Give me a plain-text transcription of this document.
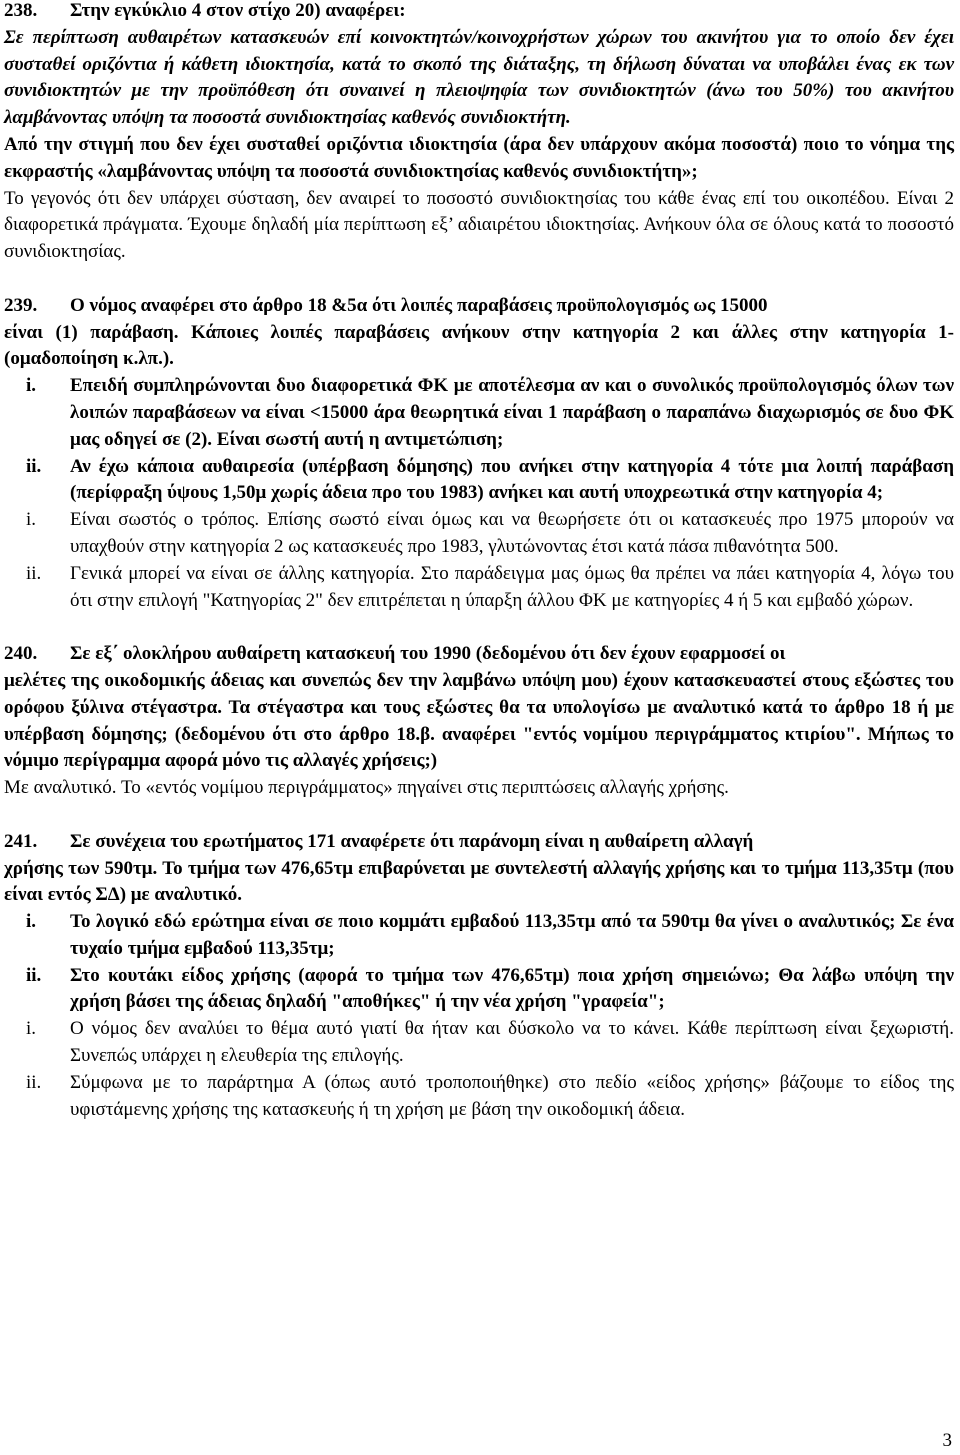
238. Στην εγκύκλιο 4 στον στίχο 20) αναφέρει:

Σε περίπτωση αυθαιρέτων κατασκευών επί κοινοκτητών/κοινοχρήστων χώρων του ακινήτου για το οποίο δεν έχει συσταθεί οριζόντια ή κάθετη ιδιοκτησία, κατά το σκοπό της διάταξης, τη δήλωση δύναται να υποβάλει ένας εκ των συνιδιοκτητών με την προϋπόθεση ότι συναινεί η πλειοψηφία των συνιδιοκτητών (άνω του 50%) του ακινήτου λαμβάνοντας υπόψη τα ποσοστά συνιδιοκτησίας καθενός συνιδιοκτήτη.

Από την στιγμή που δεν έχει συσταθεί οριζόντια ιδιοκτησία (άρα δεν υπάρχουν ακόμα ποσοστά) ποιο το νόημα της εκφραστής «λαμβάνοντας υπόψη τα ποσοστά συνιδιοκτησίας καθενός συνιδιοκτήτη»;

Το γεγονός ότι δεν υπάρχει σύσταση, δεν αναιρεί το ποσοστό συνιδιοκτησίας του κάθε ένας επί του οικοπέδου. Είναι 2 διαφορετικά πράγματα. Έχουμε δηλαδή μία περίπτωση εξ’ αδιαιρέτου ιδιοκτησίας. Ανήκουν όλα σε όλους κατά το ποσοστό συνιδιοκτησίας.

239. Ο νόμος αναφέρει στο άρθρο 18 &5α ότι λοιπές παραβάσεις προϋπολογισμός ως 15000

είναι (1) παράβαση. Κάποιες λοιπές παραβάσεις ανήκουν στην κατηγορία 2 και άλλες στην κατηγορία 1- (ομαδοποίηση κ.λπ.).

i.	Επειδή συμπληρώνονται δυο διαφορετικά ΦΚ με αποτέλεσμα αν και ο συνολικός προϋπολογισμός όλων των λοιπών παραβάσεων να είναι <15000 άρα θεωρητικά είναι 1 παράβαση ο παραπάνω διαχωρισμός σε δυο ΦΚ μας οδηγεί σε (2). Είναι σωστή αυτή η αντιμετώπιση;
ii.	Αν έχω κάποια αυθαιρεσία (υπέρβαση δόμησης) που ανήκει στην κατηγορία 4 τότε μια λοιπή παράβαση (περίφραξη ύψους 1,50μ χωρίς άδεια προ του 1983) ανήκει και αυτή υποχρεωτικά στην κατηγορία 4;
i.	Είναι σωστός ο τρόπος. Επίσης σωστό είναι όμως και να θεωρήσετε ότι οι κατασκευές προ 1975 μπορούν να υπαχθούν στην κατηγορία 2 ως κατασκευές προ 1983, γλυτώνοντας έτσι κατά πάσα πιθανότητα 500.
ii.	Γενικά μπορεί να είναι σε άλλης κατηγορία. Στο παράδειγμα μας όμως θα πρέπει να πάει κατηγορία 4, λόγω του ότι στην επιλογή "Κατηγορίας 2" δεν επιτρέπεται η ύπαρξη άλλου ΦΚ με κατηγορίες 4 ή 5 και εμβαδό χώρων.

240. Σε εξ΄ ολοκλήρου αυθαίρετη κατασκευή του 1990 (δεδομένου ότι δεν έχουν εφαρμοσεί οι

μελέτες της οικοδομικής άδειας και συνεπώς δεν την λαμβάνω υπόψη μου) έχουν κατασκευαστεί στους εξώστες του ορόφου ξύλινα στέγαστρα. Τα στέγαστρα και τους εξώστες θα τα υπολογίσω με αναλυτικό κατά το άρθρο 18 ή με υπέρβαση δόμησης; (δεδομένου ότι στο άρθρο 18.β. αναφέρει "εντός νομίμου περιγράμματος κτιρίου". Μήπως το νόμιμο περίγραμμα αφορά μόνο τις αλλαγές χρήσεις;)

Με αναλυτικό. Το «εντός νομίμου περιγράμματος» πηγαίνει στις περιπτώσεις αλλαγής χρήσης.

241. Σε συνέχεια του ερωτήματος 171 αναφέρετε ότι παράνομη είναι η αυθαίρετη αλλαγή

χρήσης των 590τμ. Το τμήμα των 476,65τμ επιβαρύνεται με συντελεστή αλλαγής χρήσης και το τμήμα 113,35τμ (που είναι εντός ΣΔ) με αναλυτικό.

i.	Το λογικό εδώ ερώτημα είναι σε ποιο κομμάτι εμβαδού 113,35τμ από τα 590τμ θα γίνει ο αναλυτικός; Σε ένα τυχαίο τμήμα εμβαδού 113,35τμ;
ii.	Στο κουτάκι είδος χρήσης (αφορά το τμήμα των 476,65τμ) ποια χρήση σημειώνω; Θα λάβω υπόψη την χρήση βάσει της άδειας δηλαδή "αποθήκες" ή την νέα χρήση "γραφεία";
i.	Ο νόμος δεν αναλύει το θέμα αυτό γιατί θα ήταν και δύσκολο να το κάνει. Κάθε περίπτωση είναι ξεχωριστή. Συνεπώς υπάρχει η ελευθερία της επιλογής.
ii.	Σύμφωνα με το παράρτημα Α (όπως αυτό τροποποιήθηκε) στο πεδίο «είδος χρήσης» βάζουμε το είδος της υφιστάμενης χρήσης της κατασκευής ή τη χρήση με βάση την οικοδομική άδεια.
3
